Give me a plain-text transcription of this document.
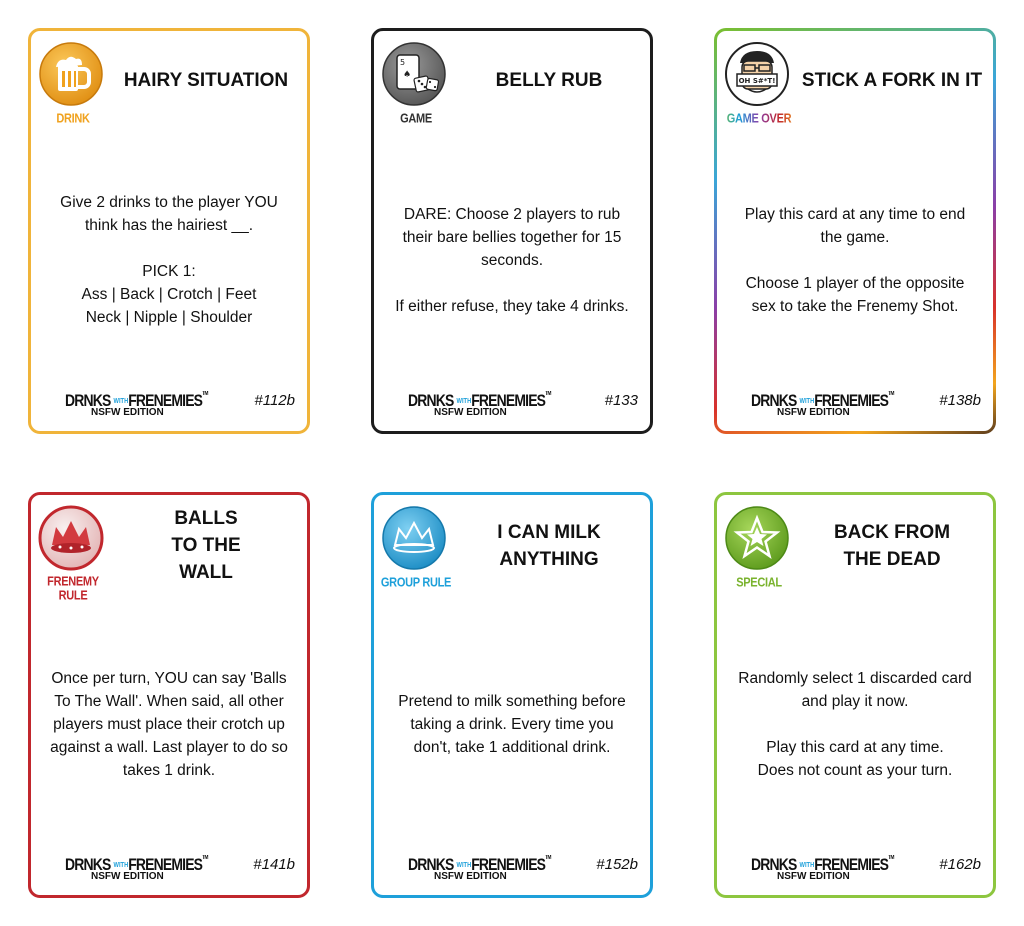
DRINK
HAIRY SITUATION

Give 2 drinks to the player YOU

think has the hairiest __.

PICK 1:

Ass | Back | Crotch | Feet

Neck | Nipple | Shoulder

DRNKS WITHFRENEMIES™
NSFW EDITION
#112b
5
♠
GAME
BELLY RUB

DARE: Choose 2 players to rub

their bare bellies together for 15

seconds.

If either refuse, they take 4 drinks.

DRNKS WITHFRENEMIES™
NSFW EDITION
#133
OH S#*T!
GAME OVER
STICK A FORK IN IT

Play this card at any time to end

the game.

Choose 1 player of the opposite

sex to take the Frenemy Shot.

DRNKS WITHFRENEMIES™
NSFW EDITION
#138b
FRENEMY RULE
BALLS
TO THE
WALL

Once per turn, YOU can say 'Balls

To The Wall'. When said, all other

players must place their crotch up

against a wall. Last player to do so

takes 1 drink.

DRNKS WITHFRENEMIES™
NSFW EDITION
#141b
GROUP RULE
I CAN MILK
ANYTHING

Pretend to milk something before

taking a drink. Every time you

don't, take 1 additional drink.

DRNKS WITHFRENEMIES™
NSFW EDITION
#152b
SPECIAL
BACK FROM
THE DEAD

Randomly select 1 discarded card

and play it now.

Play this card at any time.

Does not count as your turn.

DRNKS WITHFRENEMIES™
NSFW EDITION
#162b
